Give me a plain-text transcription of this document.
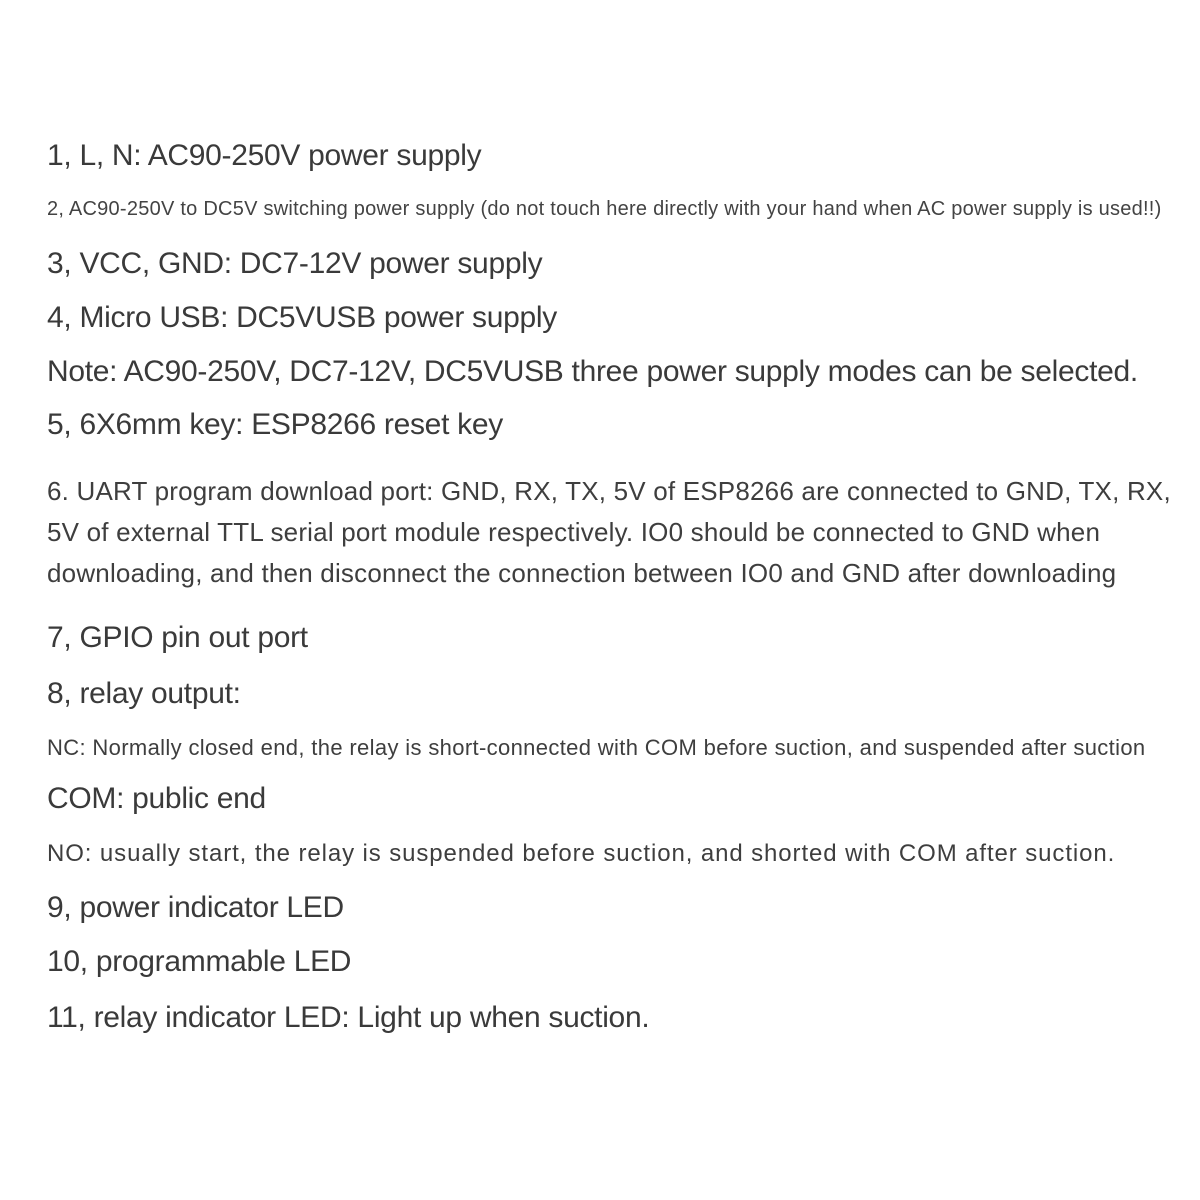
1, L, N: AC90-250V power supply
2, AC90-250V to DC5V switching power supply (do not touch here directly with your hand when AC power supply is used!!)
3, VCC, GND: DC7-12V power supply
4, Micro USB: DC5VUSB power supply
Note: AC90-250V, DC7-12V, DC5VUSB three power supply modes can be selected.
5, 6X6mm key: ESP8266 reset key
6. UART program download port: GND, RX, TX, 5V of ESP8266 are connected to GND, TX, RX,
5V of external TTL serial port module respectively. IO0 should be connected to GND when
downloading, and then disconnect the connection between IO0 and GND after downloading
7, GPIO pin out port
8, relay output:
NC: Normally closed end, the relay is short-connected with COM before suction, and suspended after suction
COM: public end
NO: usually start, the relay is suspended before suction, and shorted with COM after suction.
9, power indicator LED
10, programmable LED
11, relay indicator LED: Light up when suction.
